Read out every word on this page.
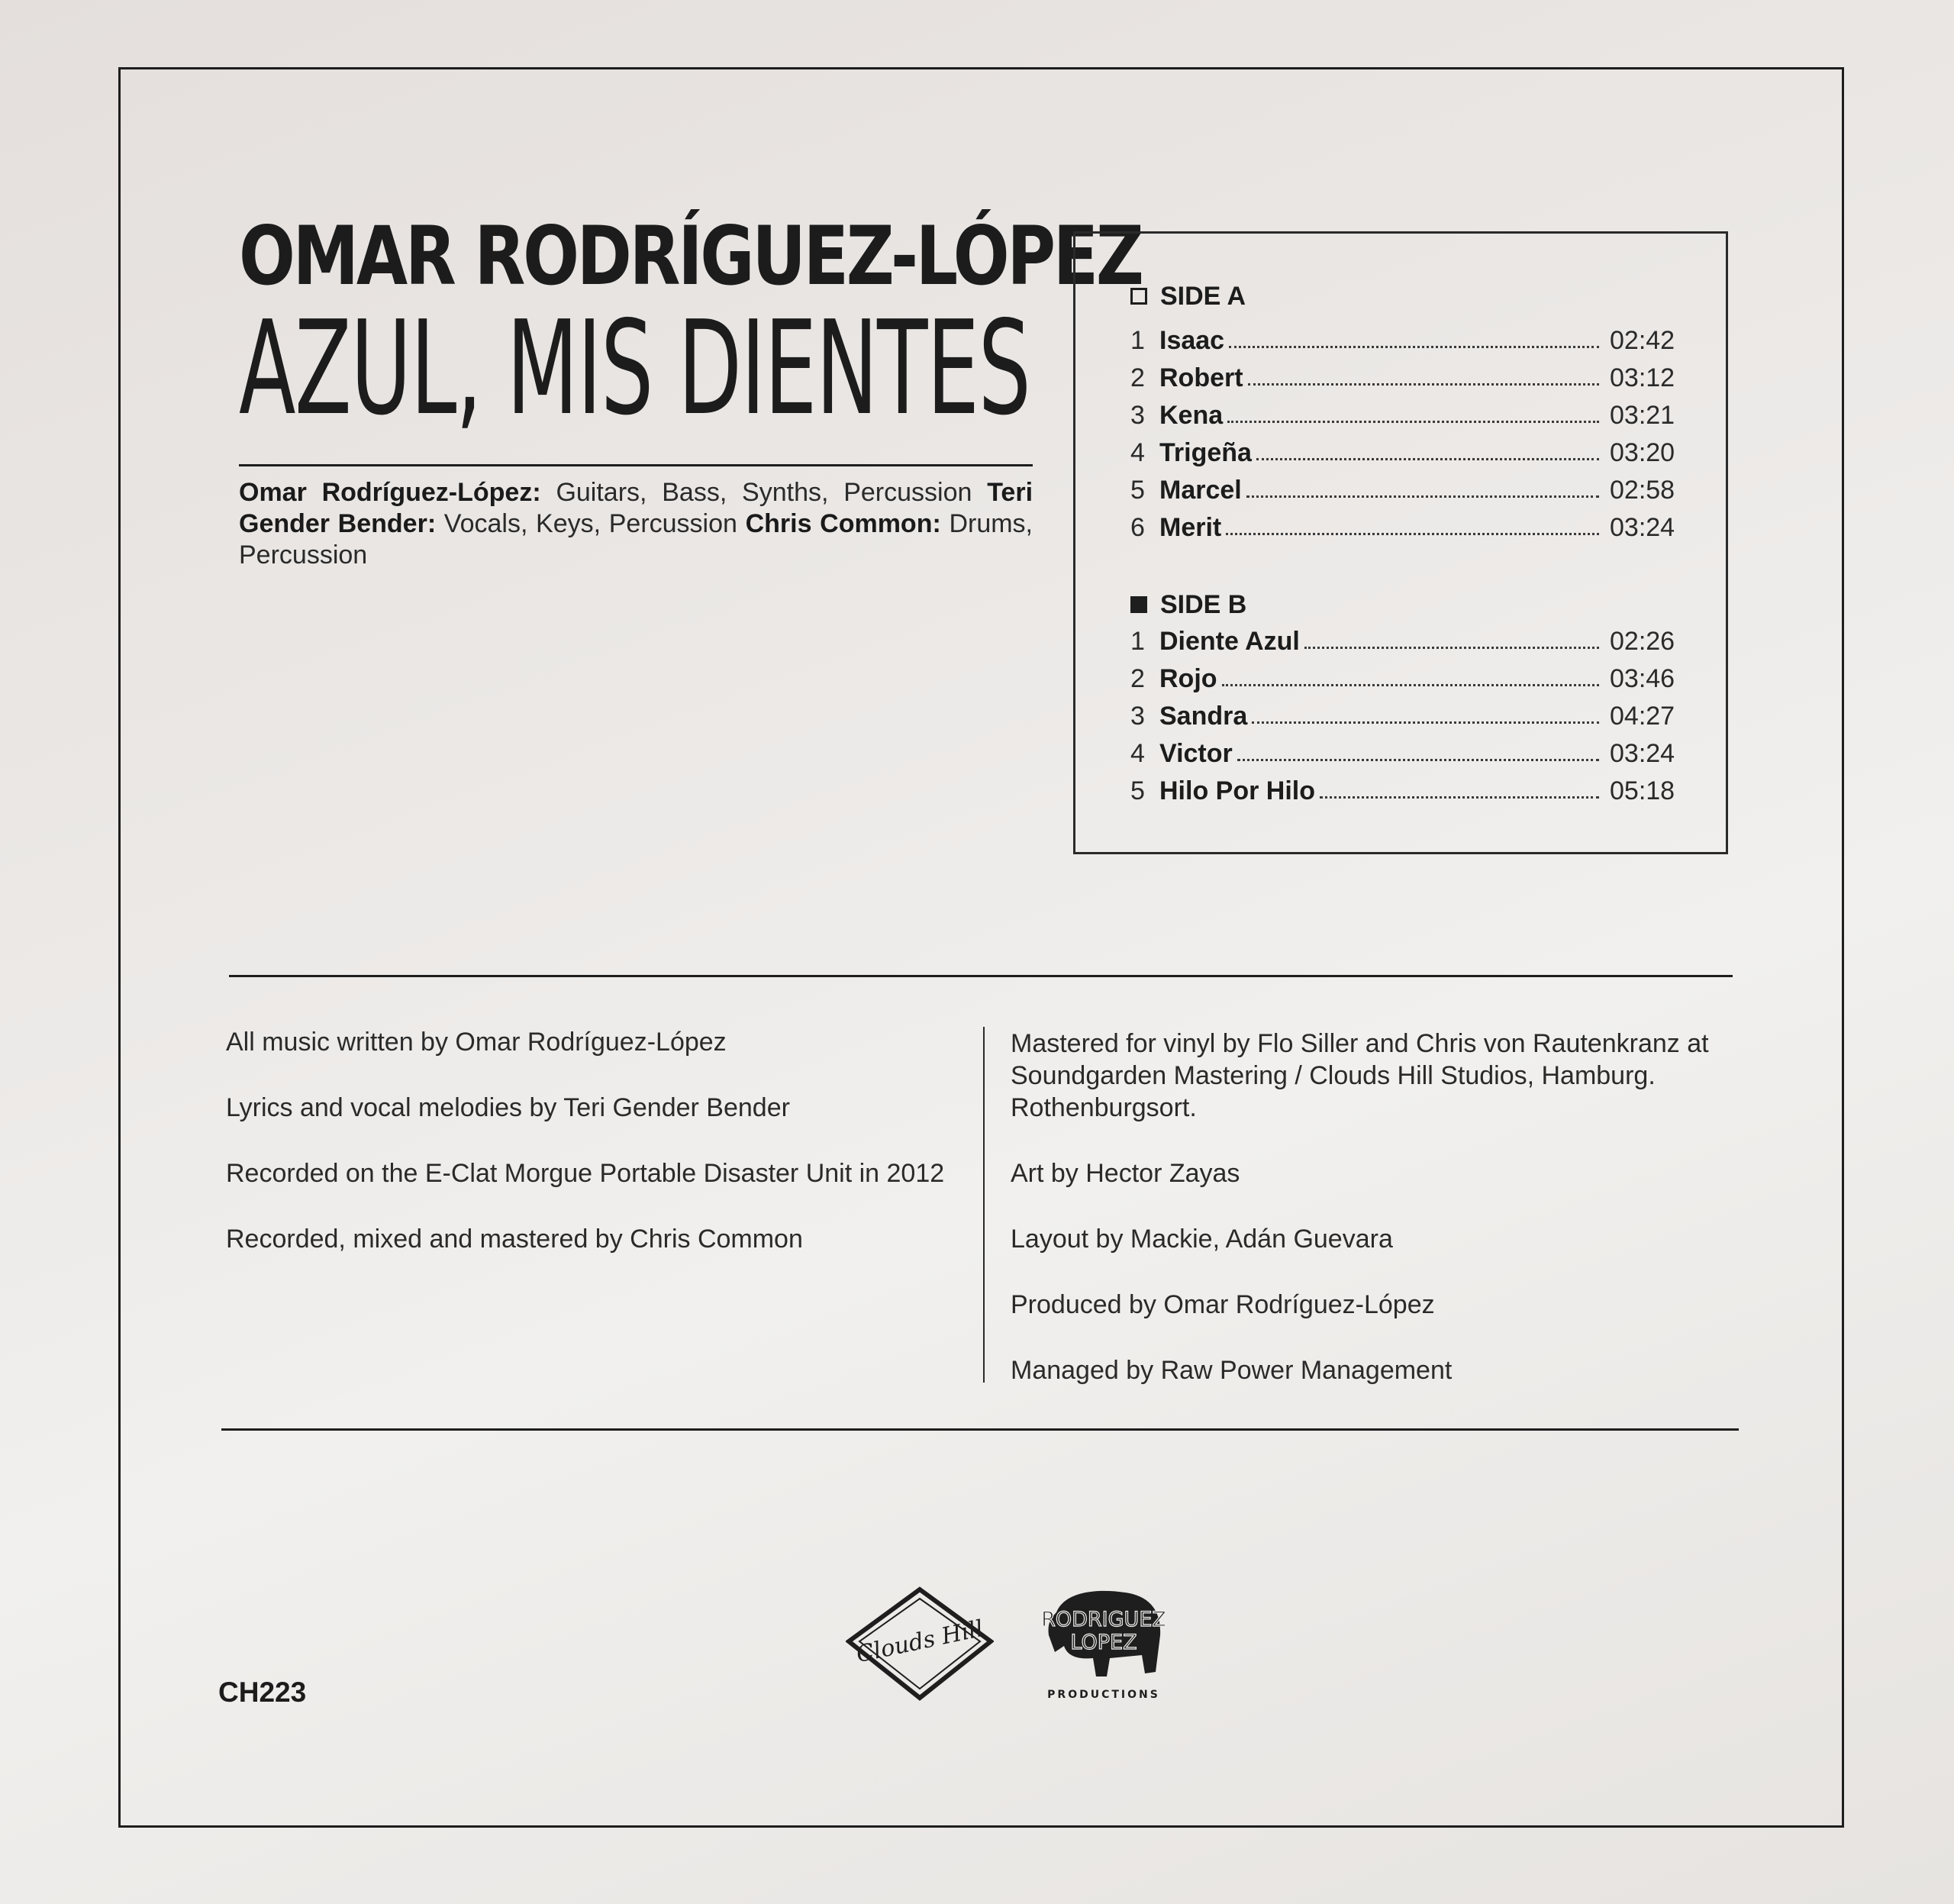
OMAR RODRÍGUEZ-LÓPEZ
AZUL, MIS DIENTES
Omar Rodríguez-López: Guitars, Bass, Synths, Percussion Teri Gender Bender: Vocals, Keys, Percussion Chris Common: Drums, Percussion
SIDE A
1 Isaac	02:42
2 Robert	03:12
3 Kena	03:21
4 Trigeña	03:20
5 Marcel	02:58
6 Merit	03:24
SIDE B
1 Diente Azul	02:26
2 Rojo	03:46
3 Sandra	04:27
4 Victor	03:24
5 Hilo Por Hilo	05:18

All music written by Omar Rodríguez-López

Lyrics and vocal melodies by Teri Gender Bender

Recorded on the E-Clat Morgue Portable Disaster Unit in 2012

Recorded, mixed and mastered by Chris Common

Mastered for vinyl by Flo Siller and Chris von Rautenkranz at Soundgarden Mastering / Clouds Hill Studios, Hamburg. Rothenburgsort.

Art by Hector Zayas

Layout by Mackie, Adán Guevara

Produced by Omar Rodríguez-López

Managed by Raw Power Management

CH223
Clouds Hill	RODRIGUEZ
LOPEZ
PRODUCTIONS
